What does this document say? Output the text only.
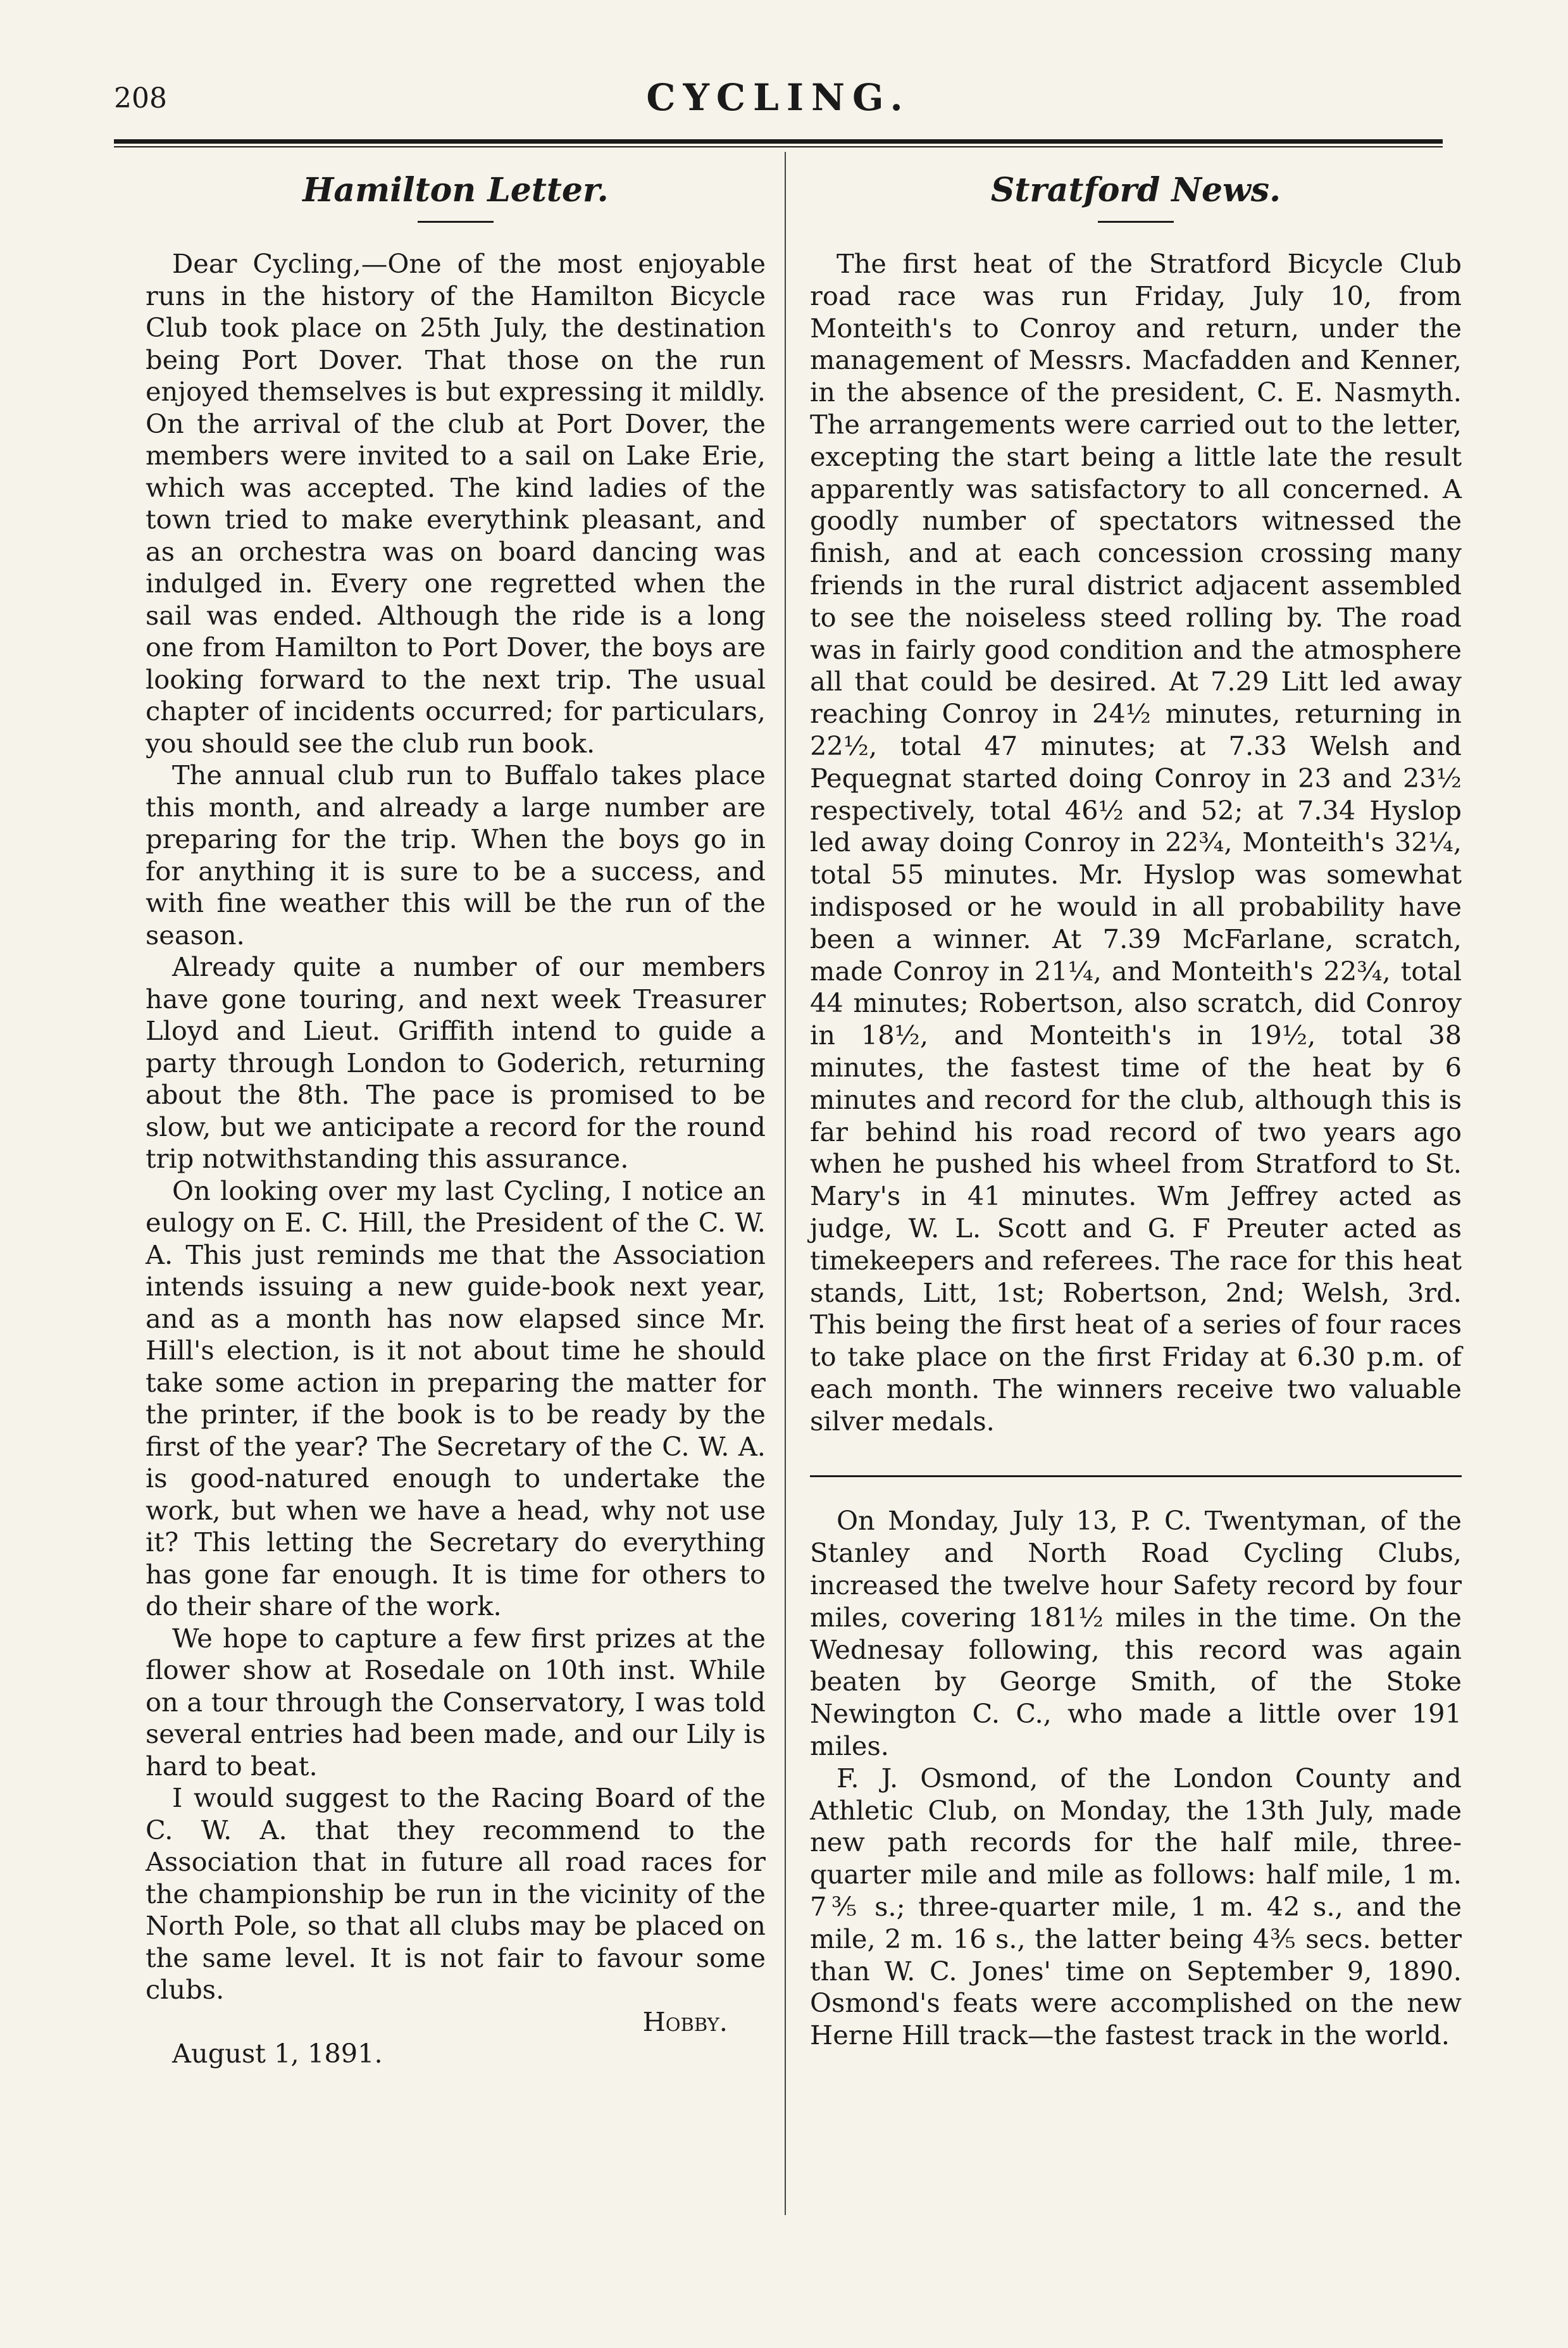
208	CYCLING.
Hamilton Letter.

Dear Cycling,—One of the most enjoyable runs in the history of the Hamilton Bicycle Club took place on 25th July, the destination being Port Dover. That those on the run enjoyed themselves is but expressing it mildly. On the arrival of the club at Port Dover, the members were invited to a sail on Lake Erie, which was accepted. The kind ladies of the town tried to make everythink pleasant, and as an orchestra was on board dancing was indulged in. Every one regretted when the sail was ended. Although the ride is a long one from Hamilton to Port Dover, the boys are looking forward to the next trip. The usual chapter of incidents occurred; for particulars, you should see the club run book.

The annual club run to Buffalo takes place this month, and already a large number are preparing for the trip. When the boys go in for anything it is sure to be a success, and with fine weather this will be the run of the season.

Already quite a number of our members have gone touring, and next week Treasurer Lloyd and Lieut. Griffith intend to guide a party through London to Goderich, returning about the 8th. The pace is promised to be slow, but we anticipate a record for the round trip notwithstanding this assurance.

On looking over my last Cycling, I notice an eulogy on E. C. Hill, the President of the C. W. A. This just reminds me that the Association intends issuing a new guide-book next year, and as a month has now elapsed since Mr. Hill's election, is it not about time he should take some action in preparing the matter for the printer, if the book is to be ready by the first of the year? The Secretary of the C. W. A. is good-natured enough to undertake the work, but when we have a head, why not use it? This letting the Secretary do everything has gone far enough. It is time for others to do their share of the work.

We hope to capture a few first prizes at the flower show at Rosedale on 10th inst. While on a tour through the Conservatory, I was told several entries had been made, and our Lily is hard to beat.

I would suggest to the Racing Board of the C. W. A. that they recommend to the Association that in future all road races for the championship be run in the vicinity of the North Pole, so that all clubs may be placed on the same level. It is not fair to favour some clubs.

Hobby.
August 1, 1891.
Stratford News.

The first heat of the Stratford Bicycle Club road race was run Friday, July 10, from Monteith's to Conroy and return, under the management of Messrs. Macfadden and Kenner, in the absence of the president, C. E. Nasmyth. The arrangements were carried out to the letter, excepting the start being a little late the result apparently was satisfactory to all concerned. A goodly number of spectators witnessed the finish, and at each concession crossing many friends in the rural district adjacent assembled to see the noiseless steed rolling by. The road was in fairly good condition and the atmosphere all that could be desired. At 7.29 Litt led away reaching Conroy in 24½ minutes, returning in 22½, total 47 minutes; at 7.33 Welsh and Pequegnat started doing Conroy in 23 and 23½ respectively, total 46½ and 52; at 7.34 Hyslop led away doing Conroy in 22¾, Monteith's 32¼, total 55 minutes. Mr. Hyslop was somewhat indisposed or he would in all probability have been a winner. At 7.39 McFarlane, scratch, made Conroy in 21¼, and Monteith's 22¾, total 44 minutes; Robertson, also scratch, did Conroy in 18½, and Monteith's in 19½, total 38 minutes, the fastest time of the heat by 6 minutes and record for the club, although this is far behind his road record of two years ago when he pushed his wheel from Stratford to St. Mary's in 41 minutes. Wm Jeffrey acted as judge, W. L. Scott and G. F Preuter acted as timekeepers and referees. The race for this heat stands, Litt, 1st; Robertson, 2nd; Welsh, 3rd. This being the first heat of a series of four races to take place on the first Friday at 6.30 p.m. of each month. The winners receive two valuable silver medals.

On Monday, July 13, P. C. Twentyman, of the Stanley and North Road Cycling Clubs, increased the twelve hour Safety record by four miles, covering 181½ miles in the time. On the Wednesay following, this record was again beaten by George Smith, of the Stoke Newington C. C., who made a little over 191 miles.

F. J. Osmond, of the London County and Athletic Club, on Monday, the 13th July, made new path records for the half mile, three-quarter mile and mile as follows: half mile, 1 m. 7⅗ s.; three-quarter mile, 1 m. 42 s., and the mile, 2 m. 16 s., the latter being 4⅗ secs. better than W. C. Jones' time on September 9, 1890. Osmond's feats were accomplished on the new Herne Hill track—the fastest track in the world.
